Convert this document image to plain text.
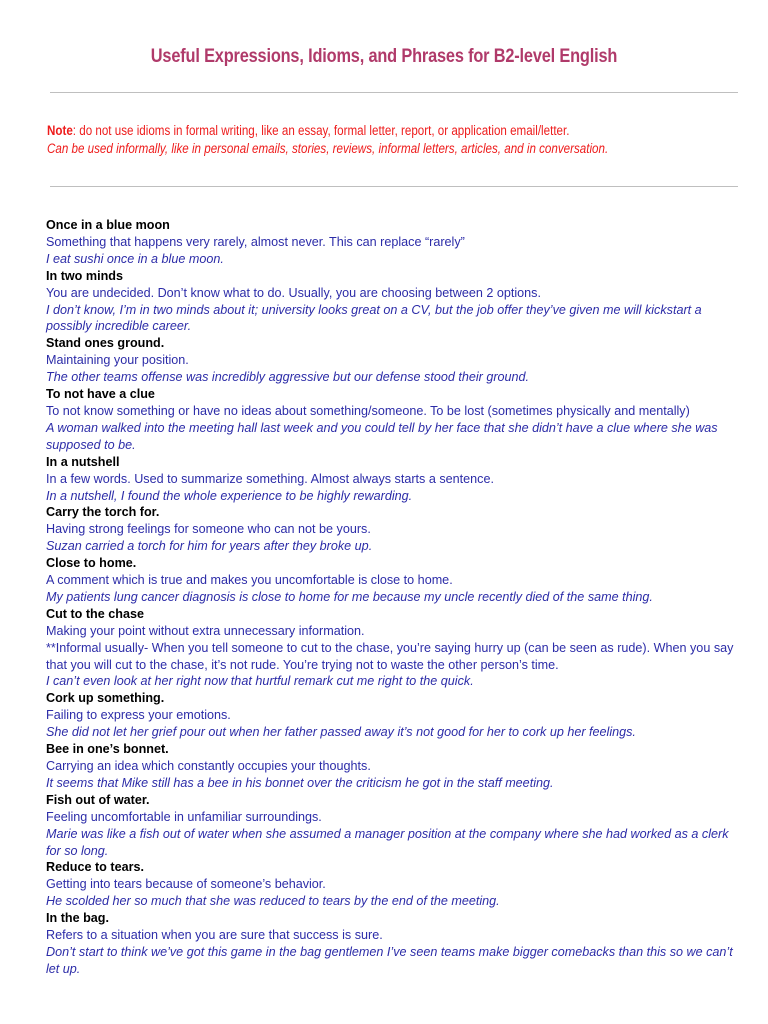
Useful Expressions, Idioms, and Phrases for B2-level English
Note: do not use idioms in formal writing, like an essay, formal letter, report, or application email/letter.
Can be used informally, like in personal emails, stories, reviews, informal letters, articles, and in conversation.
Once in a blue moon
Something that happens very rarely, almost never. This can replace “rarely”
I eat sushi once in a blue moon.
In two minds
You are undecided. Don’t know what to do. Usually, you are choosing between 2 options.
I don’t know, I’m in two minds about it; university looks great on a CV, but the job offer they’ve given me will kickstart a possibly incredible career.
Stand ones ground.
Maintaining your position.
The other teams offense was incredibly aggressive but our defense stood their ground.
To not have a clue
To not know something or have no ideas about something/someone. To be lost (sometimes physically and mentally)
A woman walked into the meeting hall last week and you could tell by her face that she didn’t have a clue where she was supposed to be.
In a nutshell
In a few words. Used to summarize something. Almost always starts a sentence.
In a nutshell, I found the whole experience to be highly rewarding.
Carry the torch for.
Having strong feelings for someone who can not be yours.
Suzan carried a torch for him for years after they broke up.
Close to home.
A comment which is true and makes you uncomfortable is close to home.
My patients lung cancer diagnosis is close to home for me because my uncle recently died of the same thing.
Cut to the chase
Making your point without extra unnecessary information.
**Informal usually- When you tell someone to cut to the chase, you’re saying hurry up (can be seen as rude). When you say that you will cut to the chase, it’s not rude. You’re trying not to waste the other person’s time.
I can’t even look at her right now that hurtful remark cut me right to the quick.
Cork up something.
Failing to express your emotions.
She did not let her grief pour out when her father passed away it’s not good for her to cork up her feelings.
Bee in one’s bonnet.
Carrying an idea which constantly occupies your thoughts.
It seems that Mike still has a bee in his bonnet over the criticism he got in the staff meeting.
Fish out of water.
Feeling uncomfortable in unfamiliar surroundings.
Marie was like a fish out of water when she assumed a manager position at the company where she had worked as a clerk for so long.
Reduce to tears.
Getting into tears because of someone’s behavior.
He scolded her so much that she was reduced to tears by the end of the meeting.
In the bag.
Refers to a situation when you are sure that success is sure.
Don’t start to think we’ve got this game in the bag gentlemen I’ve seen teams make bigger comebacks than this so we can’t let up.
